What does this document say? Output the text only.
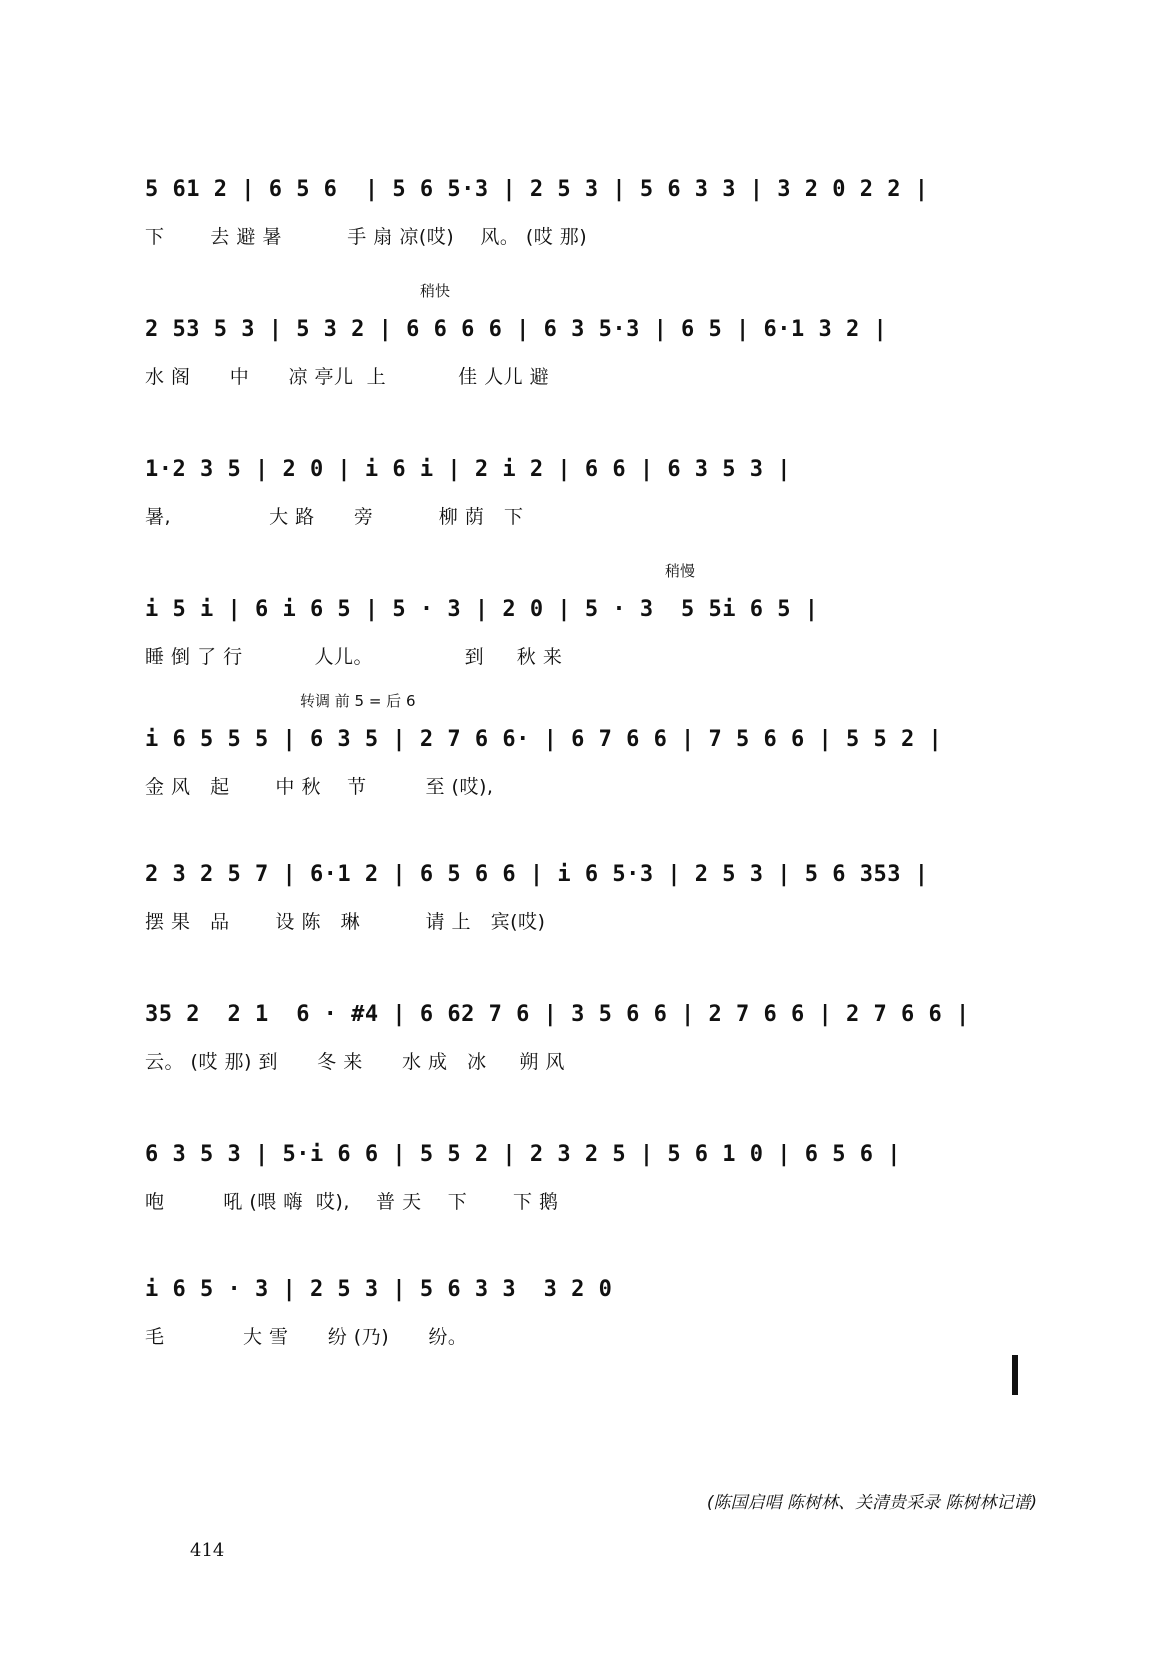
5 61 2 | 6 5 6  | 5 6 5·3 | 2 5 3 | 5 6 3 3 | 3 2 0 2 2 |
下       去 避 暑          手 扇 凉(哎)    风。 (哎 那)
稍快
2 53 5 3 | 5 3 2 | 6 6 6 6 | 6 3 5·3 | 6 5 | 6·1 3 2 |
水 阁      中      凉 亭儿  上           佳 人儿 避
1·2 3 5 | 2 0 | i 6 i | 2 i 2 | 6 6 | 6 3 5 3 |
暑,               大 路      旁          柳 荫   下
稍慢
i 5 i | 6 i 6 5 | 5 · 3 | 2 0 | 5 · 3  5 5i 6 5 |
睡 倒 了 行           人儿。              到     秋 来
转调 前 5 = 后 6
i 6 5 5 5 | 6 3 5 | 2 7 6 6· | 6 7 6 6 | 7 5 6 6 | 5 5 2 |
金 风   起       中 秋    节         至 (哎),
2 3 2 5 7 | 6·1 2 | 6 5 6 6 | i 6 5·3 | 2 5 3 | 5 6 353 |
摆 果   品       设 陈   琳          请 上   宾(哎)
35 2  2 1  6 · #4 | 6 62 7 6 | 3 5 6 6 | 2 7 6 6 | 2 7 6 6 |
云。 (哎 那) 到      冬 来      水 成   冰     朔 风
6 3 5 3 | 5·i 6 6 | 5 5 2 | 2 3 2 5 | 5 6 1 0 | 6 5 6 |
咆         吼 (喂 嗨  哎),    普 天    下       下 鹅
i 6 5 · 3 | 2 5 3 | 5 6 3 3  3 2 0
毛            大 雪      纷 (乃)      纷。
(陈国启唱 陈树林、关清贵采录 陈树林记谱)
414
